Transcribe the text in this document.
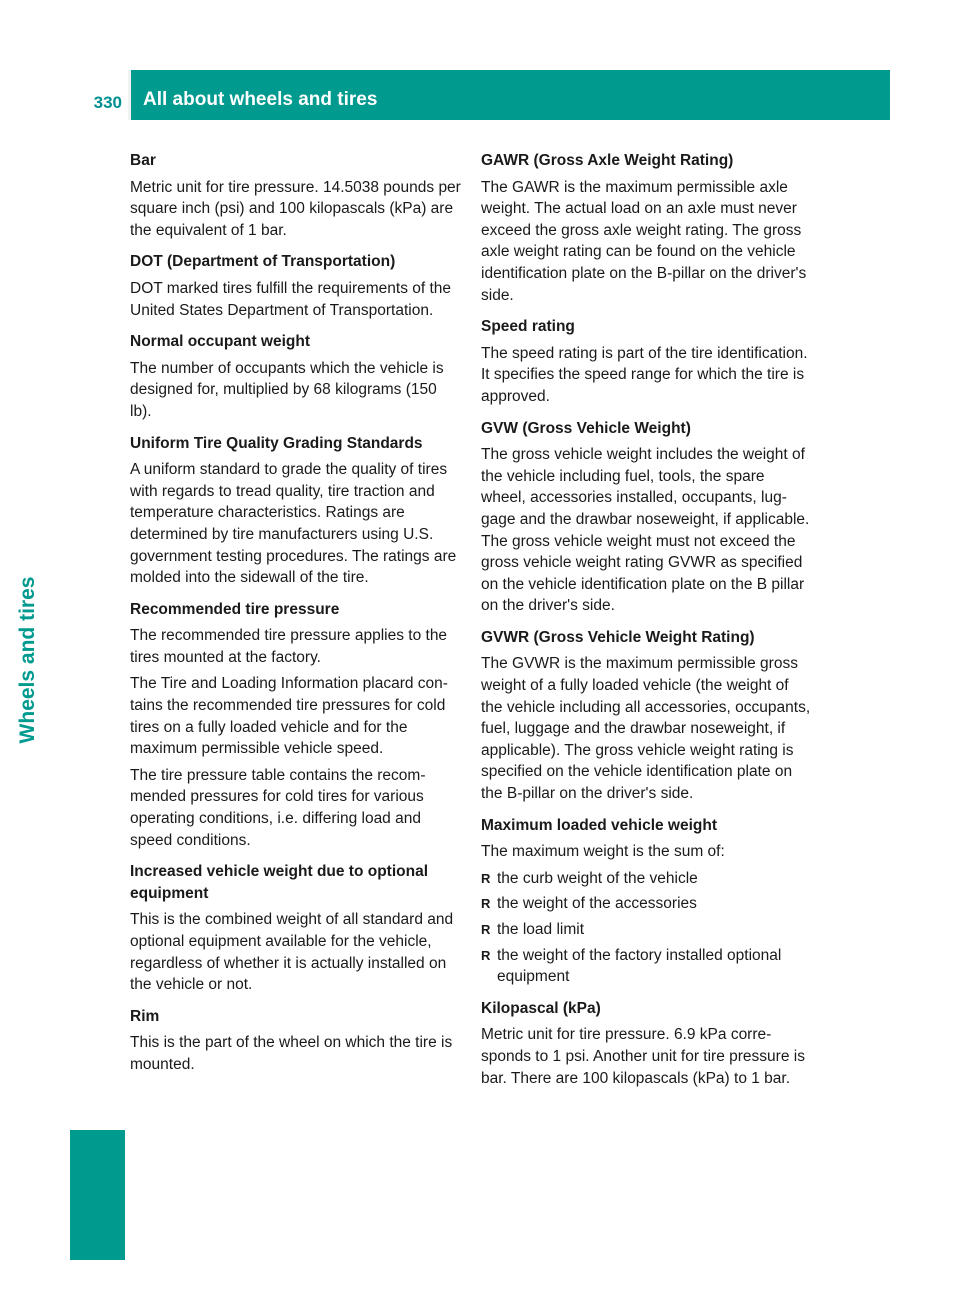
330	All about wheels and tires
Wheels and tires
Bar
Metric unit for tire pressure. 14.5038 pounds per square inch (psi) and 100 kilopascals (kPa) are the equivalent of 1 bar.
DOT (Department of Transportation)
DOT marked tires fulfill the requirements of the United States Department of Transportation.
Normal occupant weight
The number of occupants which the vehicle is designed for, multiplied by 68 kilograms (150 lb).
Uniform Tire Quality Grading Standards
A uniform standard to grade the quality of tires with regards to tread quality, tire traction and temperature characteristics. Ratings are determined by tire manufacturers using U.S. government testing procedures. The ratings are molded into the sidewall of the tire.
Recommended tire pressure
The recommended tire pressure applies to the tires mounted at the factory.
The Tire and Loading Information placard contains the recommended tire pressures for cold tires on a fully loaded vehicle and for the maximum permissible vehicle speed.
The tire pressure table contains the recommended pressures for cold tires for various operating conditions, i.e. differing load and speed conditions.
Increased vehicle weight due to optional equipment
This is the combined weight of all standard and optional equipment available for the vehicle, regardless of whether it is actually installed on the vehicle or not.
Rim
This is the part of the wheel on which the tire is mounted.
GAWR (Gross Axle Weight Rating)
The GAWR is the maximum permissible axle weight. The actual load on an axle must never exceed the gross axle weight rating. The gross axle weight rating can be found on the vehicle identification plate on the B-pillar on the driver's side.
Speed rating
The speed rating is part of the tire identification. It specifies the speed range for which the tire is approved.
GVW (Gross Vehicle Weight)
The gross vehicle weight includes the weight of the vehicle including fuel, tools, the spare wheel, accessories installed, occupants, luggage and the drawbar noseweight, if applicable. The gross vehicle weight must not exceed the gross vehicle weight rating GVWR as specified on the vehicle identification plate on the B pillar on the driver's side.
GVWR (Gross Vehicle Weight Rating)
The GVWR is the maximum permissible gross weight of a fully loaded vehicle (the weight of the vehicle including all accessories, occupants, fuel, luggage and the drawbar noseweight, if applicable). The gross vehicle weight rating is specified on the vehicle identification plate on the B-pillar on the driver's side.
Maximum loaded vehicle weight
The maximum weight is the sum of:
R the curb weight of the vehicle
R the weight of the accessories
R the load limit
R the weight of the factory installed optional equipment
Kilopascal (kPa)
Metric unit for tire pressure. 6.9 kPa corresponds to 1 psi. Another unit for tire pressure is bar. There are 100 kilopascals (kPa) to 1 bar.
